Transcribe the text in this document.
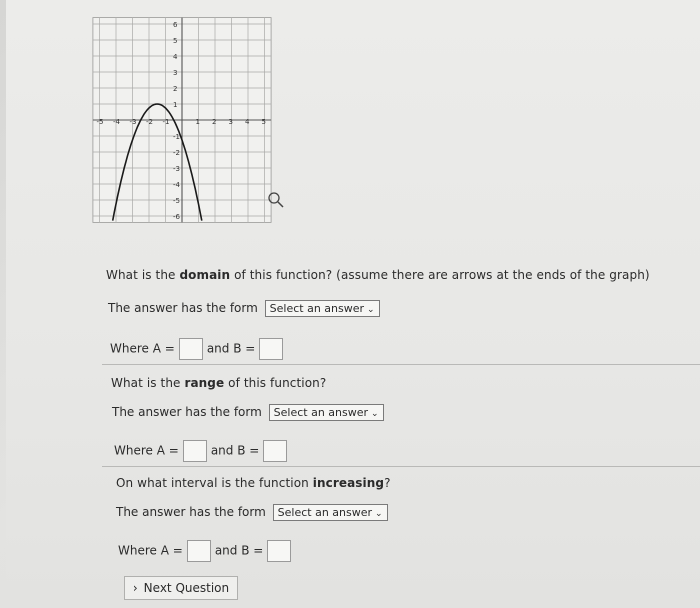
-5 -4 -3 -2 -1	1 2 3 4 5
6
5
4
3
2
1
-1
-2
-3
-4
-5
-6
What is the domain of this function? (assume there are arrows at the ends of the graph)
The answer has the form Select an answer ⌄
Where A =	and B =
What is the range of this function?
The answer has the form Select an answer ⌄
Where A =	and B =
On what interval is the function increasing?
The answer has the form Select an answer ⌄
Where A =	and B =
› Next Question
